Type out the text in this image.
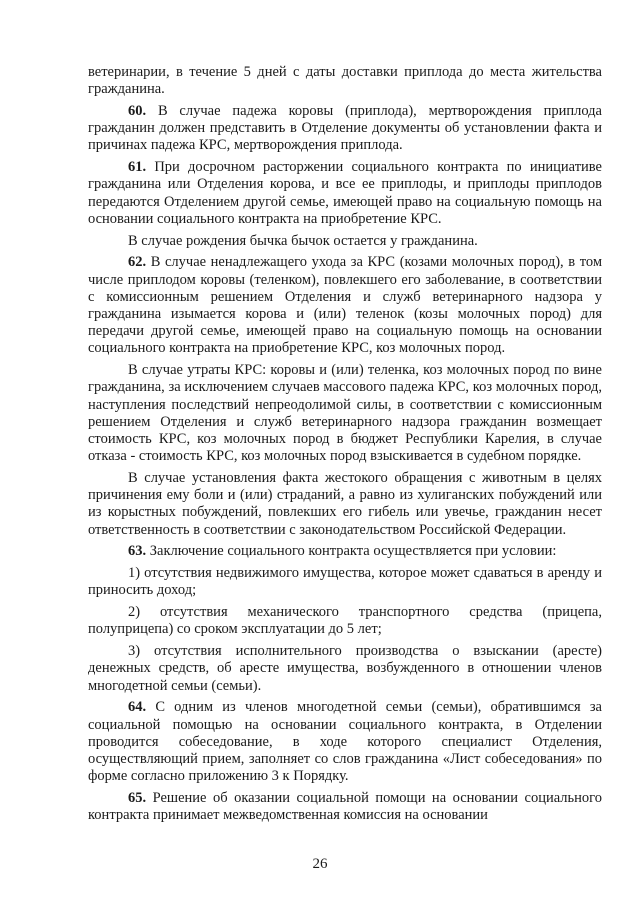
ветеринарии, в течение 5 дней с даты доставки приплода до места жительства гражданина.

60. В случае падежа коровы (приплода), мертворождения приплода гражданин должен представить в Отделение документы об установлении факта и причинах падежа КРС, мертворождения приплода.

61. При досрочном расторжении социального контракта по инициативе гражданина или Отделения корова, и все ее приплоды, и приплоды приплодов передаются Отделением другой семье, имеющей право на социальную помощь на основании социального контракта на приобретение КРС.

В случае рождения бычка бычок остается у гражданина.

62. В случае ненадлежащего ухода за КРС (козами молочных пород), в том числе приплодом коровы (теленком), повлекшего его заболевание, в соответствии с комиссионным решением Отделения и служб ветеринарного надзора у гражданина изымается корова и (или) теленок (козы молочных пород) для передачи другой семье, имеющей право на социальную помощь на основании социального контракта на приобретение КРС, коз молочных пород.

В случае утраты КРС: коровы и (или) теленка, коз молочных пород по вине гражданина, за исключением случаев массового падежа КРС, коз молочных пород, наступления последствий непреодолимой силы, в соответствии с комиссионным решением Отделения и служб ветеринарного надзора гражданин возмещает стоимость КРС, коз молочных пород в бюджет Республики Карелия, в случае отказа - стоимость КРС, коз молочных пород взыскивается в судебном порядке.

В случае установления факта жестокого обращения с животным в целях причинения ему боли и (или) страданий, а равно из хулиганских побуждений или из корыстных побуждений, повлекших его гибель или увечье, гражданин несет ответственность в соответствии с законодательством Российской Федерации.

63. Заключение социального контракта осуществляется при условии:

1) отсутствия недвижимого имущества, которое может сдаваться в аренду и приносить доход;

2) отсутствия механического транспортного средства (прицепа, полуприцепа) со сроком эксплуатации до 5 лет;

3) отсутствия исполнительного производства о взыскании (аресте) денежных средств, об аресте имущества, возбужденного в отношении членов многодетной семьи (семьи).

64. С одним из членов многодетной семьи (семьи), обратившимся за социальной помощью на основании социального контракта, в Отделении проводится собеседование, в ходе которого специалист Отделения, осуществляющий прием, заполняет со слов гражданина «Лист собеседования» по форме согласно приложению 3 к Порядку.

65. Решение об оказании социальной помощи на основании социального контракта принимает межведомственная комиссия на основании

26
